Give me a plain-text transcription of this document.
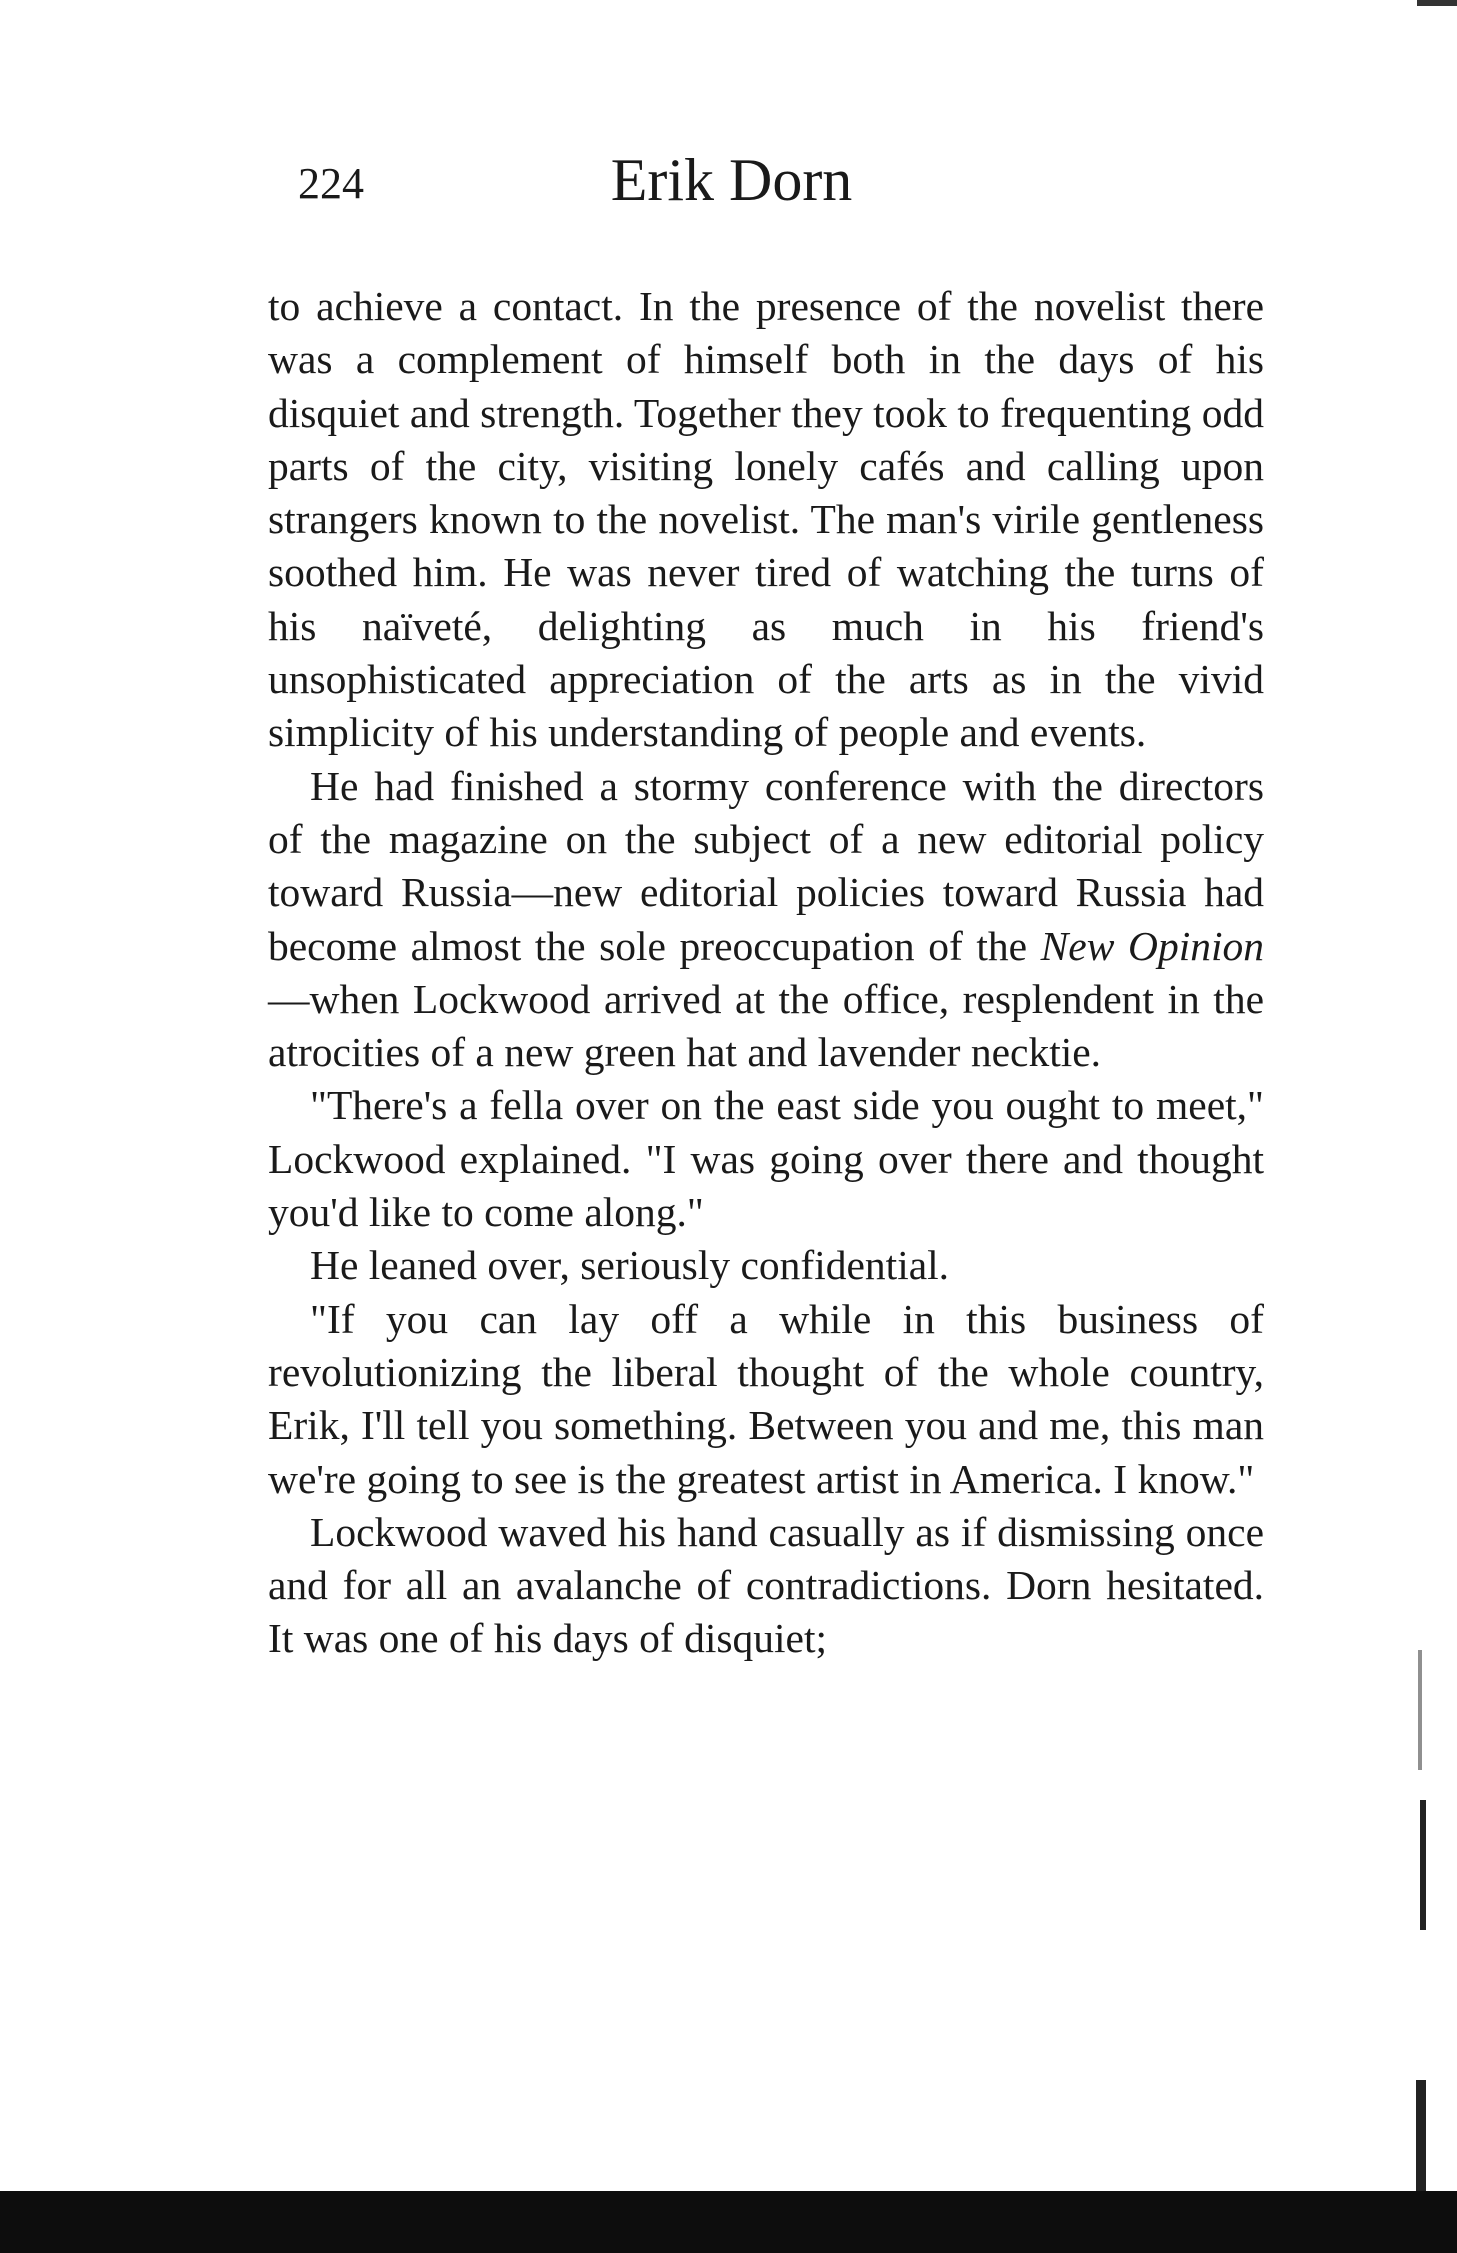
224	Erik Dorn

to achieve a contact. In the presence of the novelist there was a complement of himself both in the days of his disquiet and strength. Together they took to frequenting odd parts of the city, visiting lonely cafés and calling upon strangers known to the novelist. The man's virile gentleness soothed him. He was never tired of watching the turns of his naïveté, delighting as much in his friend's unsophisticated appreciation of the arts as in the vivid simplicity of his understanding of people and events.

He had finished a stormy conference with the directors of the magazine on the subject of a new editorial policy toward Russia—new editorial policies toward Russia had become almost the sole preoccupation of the New Opinion—when Lockwood arrived at the office, resplendent in the atrocities of a new green hat and lavender necktie.

"There's a fella over on the east side you ought to meet," Lockwood explained. "I was going over there and thought you'd like to come along."

He leaned over, seriously confidential.

"If you can lay off a while in this business of revolutionizing the liberal thought of the whole country, Erik, I'll tell you something. Between you and me, this man we're going to see is the greatest artist in America. I know."

Lockwood waved his hand casually as if dismissing once and for all an avalanche of contradictions. Dorn hesitated. It was one of his days of disquiet;
